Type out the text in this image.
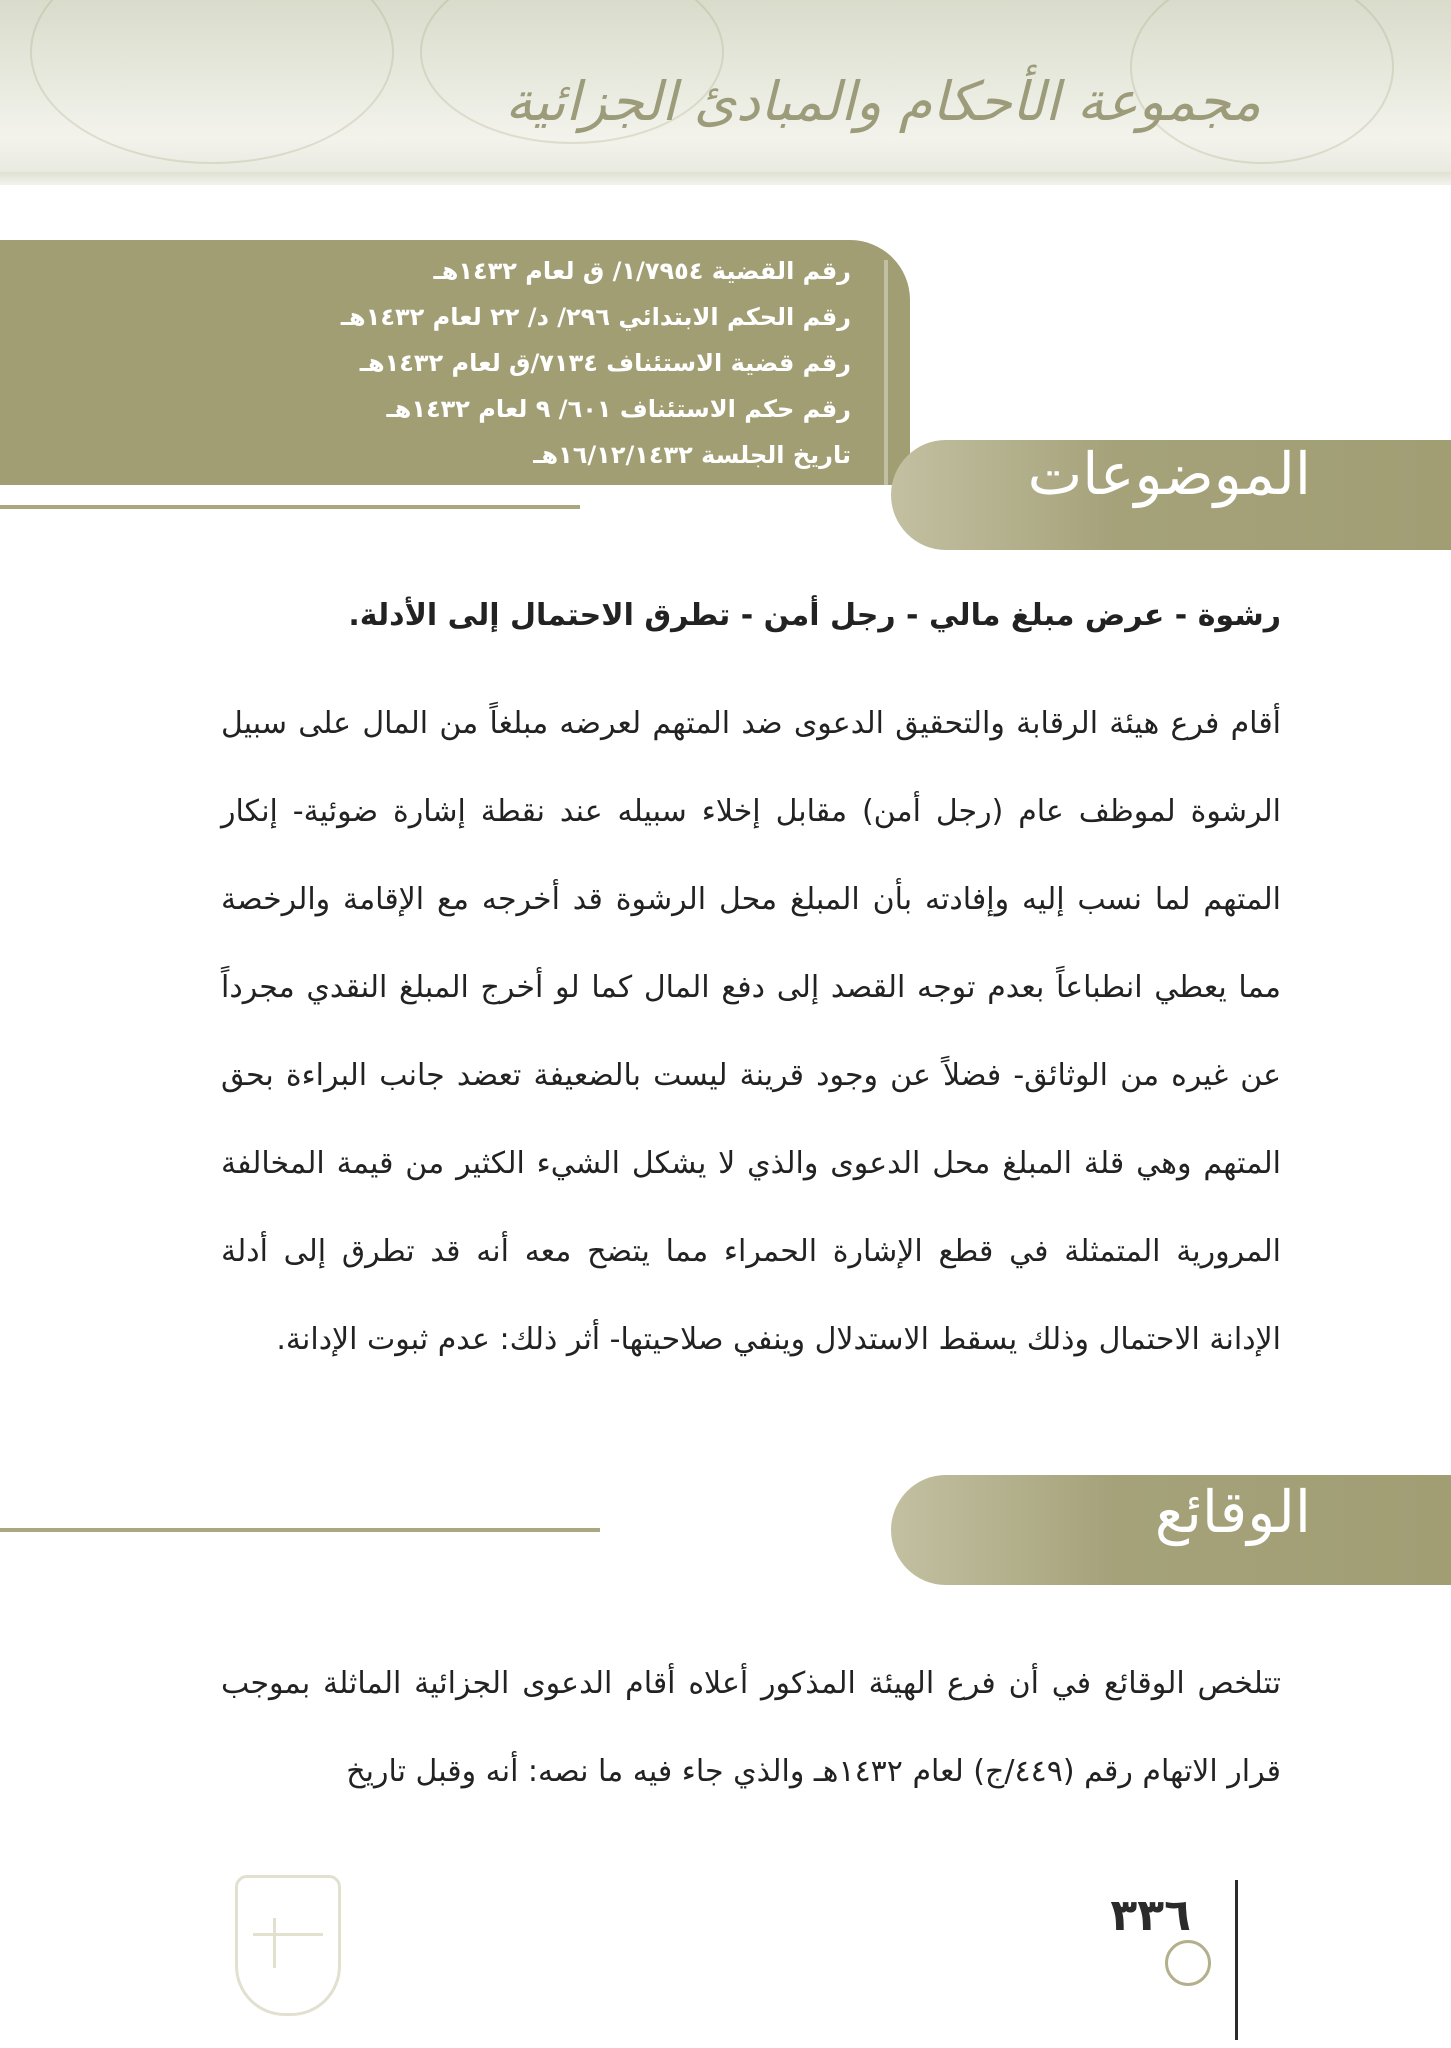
مجموعة الأحكام والمبادئ الجزائية
رقم القضية ١/٧٩٥٤/ ق لعام ١٤٣٢هـ
رقم الحكم الابتدائي ٢٩٦/ د/ ٢٢ لعام ١٤٣٢هـ
رقم قضية الاستئناف ٧١٣٤/ق لعام ١٤٣٢هـ
رقم حكم الاستئناف ٦٠١/ ٩ لعام ١٤٣٢هـ
تاريخ الجلسة ١٦/١٢/١٤٣٢هـ	الموضوعات
رشوة - عرض مبلغ مالي - رجل أمن - تطرق الاحتمال إلى الأدلة.

أقام فرع هيئة الرقابة والتحقيق الدعوى ضد المتهم لعرضه مبلغاً من المال على سبيل الرشوة لموظف عام (رجل أمن) مقابل إخلاء سبيله عند نقطة إشارة ضوئية- إنكار المتهم لما نسب إليه وإفادته بأن المبلغ محل الرشوة قد أخرجه مع الإقامة والرخصة مما يعطي انطباعاً بعدم توجه القصد إلى دفع المال كما لو أخرج المبلغ النقدي مجرداً عن غيره من الوثائق- فضلاً عن وجود قرينة ليست بالضعيفة تعضد جانب البراءة بحق المتهم وهي قلة المبلغ محل الدعوى والذي لا يشكل الشيء الكثير من قيمة المخالفة المرورية المتمثلة في قطع الإشارة الحمراء مما يتضح معه أنه قد تطرق إلى أدلة الإدانة الاحتمال وذلك يسقط الاستدلال وينفي صلاحيتها- أثر ذلك: عدم ثبوت الإدانة.

الوقائع

تتلخص الوقائع في أن فرع الهيئة المذكور أعلاه أقام الدعوى الجزائية الماثلة بموجب قرار الاتهام رقم (٤٤٩/ج) لعام ١٤٣٢هـ والذي جاء فيه ما نصه: أنه وقبل تاريخ

٣٣٦
